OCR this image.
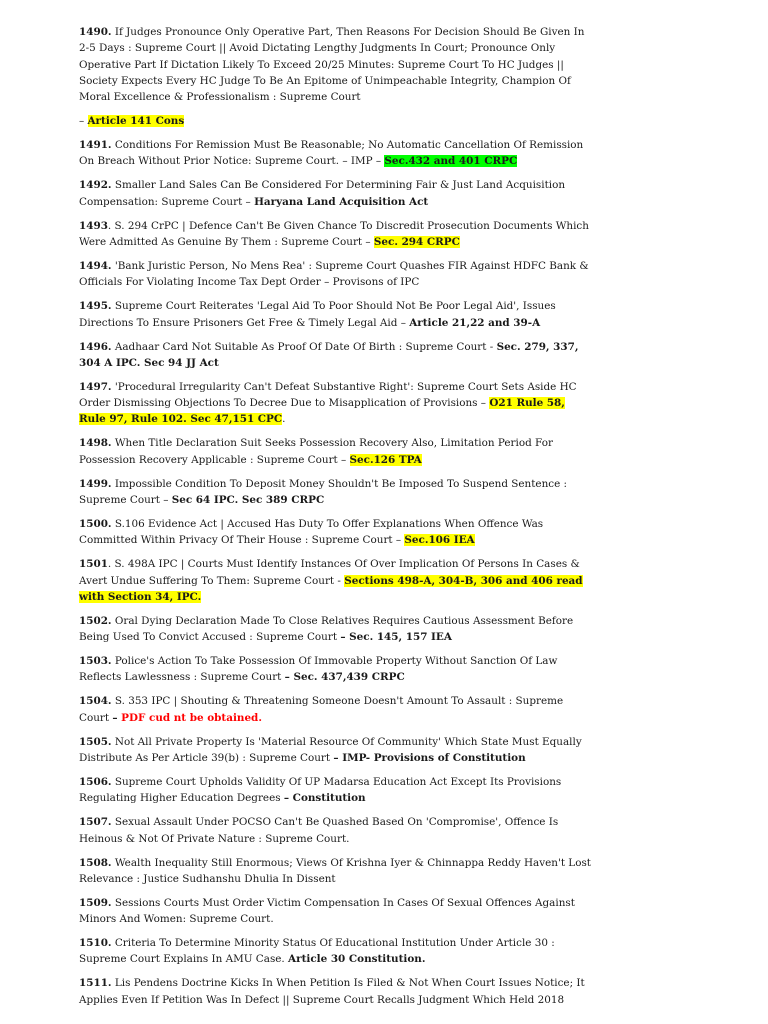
1490. If Judges Pronounce Only Operative Part, Then Reasons For Decision Should Be Given In 2-5 Days : Supreme Court || Avoid Dictating Lengthy Judgments In Court; Pronounce Only Operative Part If Dictation Likely To Exceed 20/25 Minutes: Supreme Court To HC Judges || Society Expects Every HC Judge To Be An Epitome of Unimpeachable Integrity, Champion Of Moral Excellence & Professionalism : Supreme Court

– Article 141 Cons

1491. Conditions For Remission Must Be Reasonable; No Automatic Cancellation Of Remission On Breach Without Prior Notice: Supreme Court. – IMP – Sec.432 and 401 CRPC

1492. Smaller Land Sales Can Be Considered For Determining Fair & Just Land Acquisition Compensation: Supreme Court – Haryana Land Acquisition Act

1493. S. 294 CrPC | Defence Can't Be Given Chance To Discredit Prosecution Documents Which Were Admitted As Genuine By Them : Supreme Court – Sec. 294 CRPC

1494. 'Bank Juristic Person, No Mens Rea' : Supreme Court Quashes FIR Against HDFC Bank & Officials For Violating Income Tax Dept Order – Provisons of IPC

1495. Supreme Court Reiterates 'Legal Aid To Poor Should Not Be Poor Legal Aid', Issues Directions To Ensure Prisoners Get Free & Timely Legal Aid – Article 21,22 and 39-A

1496. Aadhaar Card Not Suitable As Proof Of Date Of Birth : Supreme Court - Sec. 279, 337, 304 A IPC. Sec 94 JJ Act

1497. 'Procedural Irregularity Can't Defeat Substantive Right': Supreme Court Sets Aside HC Order Dismissing Objections To Decree Due to Misapplication of Provisions – O21 Rule 58, Rule 97, Rule 102. Sec 47,151 CPC.

1498. When Title Declaration Suit Seeks Possession Recovery Also, Limitation Period For Possession Recovery Applicable : Supreme Court – Sec.126 TPA

1499. Impossible Condition To Deposit Money Shouldn't Be Imposed To Suspend Sentence : Supreme Court – Sec 64 IPC. Sec 389 CRPC

1500. S.106 Evidence Act | Accused Has Duty To Offer Explanations When Offence Was Committed Within Privacy Of Their House : Supreme Court – Sec.106 IEA

1501. S. 498A IPC | Courts Must Identify Instances Of Over Implication Of Persons In Cases & Avert Undue Suffering To Them: Supreme Court - Sections 498-A, 304-B, 306 and 406 read with Section 34, IPC.

1502. Oral Dying Declaration Made To Close Relatives Requires Cautious Assessment Before Being Used To Convict Accused : Supreme Court – Sec. 145, 157 IEA

1503. Police's Action To Take Possession Of Immovable Property Without Sanction Of Law Reflects Lawlessness : Supreme Court – Sec. 437,439 CRPC

1504. S. 353 IPC | Shouting & Threatening Someone Doesn't Amount To Assault : Supreme Court – PDF cud nt be obtained.

1505. Not All Private Property Is 'Material Resource Of Community' Which State Must Equally Distribute As Per Article 39(b) : Supreme Court – IMP- Provisions of Constitution

1506. Supreme Court Upholds Validity Of UP Madarsa Education Act Except Its Provisions Regulating Higher Education Degrees – Constitution

1507. Sexual Assault Under POCSO Can't Be Quashed Based On 'Compromise', Offence Is Heinous & Not Of Private Nature : Supreme Court.

1508. Wealth Inequality Still Enormous; Views Of Krishna Iyer & Chinnappa Reddy Haven't Lost Relevance : Justice Sudhanshu Dhulia In Dissent

1509. Sessions Courts Must Order Victim Compensation In Cases Of Sexual Offences Against Minors And Women: Supreme Court.

1510. Criteria To Determine Minority Status Of Educational Institution Under Article 30 : Supreme Court Explains In AMU Case. Article 30 Constitution.

1511. Lis Pendens Doctrine Kicks In When Petition Is Filed & Not When Court Issues Notice; It Applies Even If Petition Was In Defect || Supreme Court Recalls Judgment Which Held 2018
